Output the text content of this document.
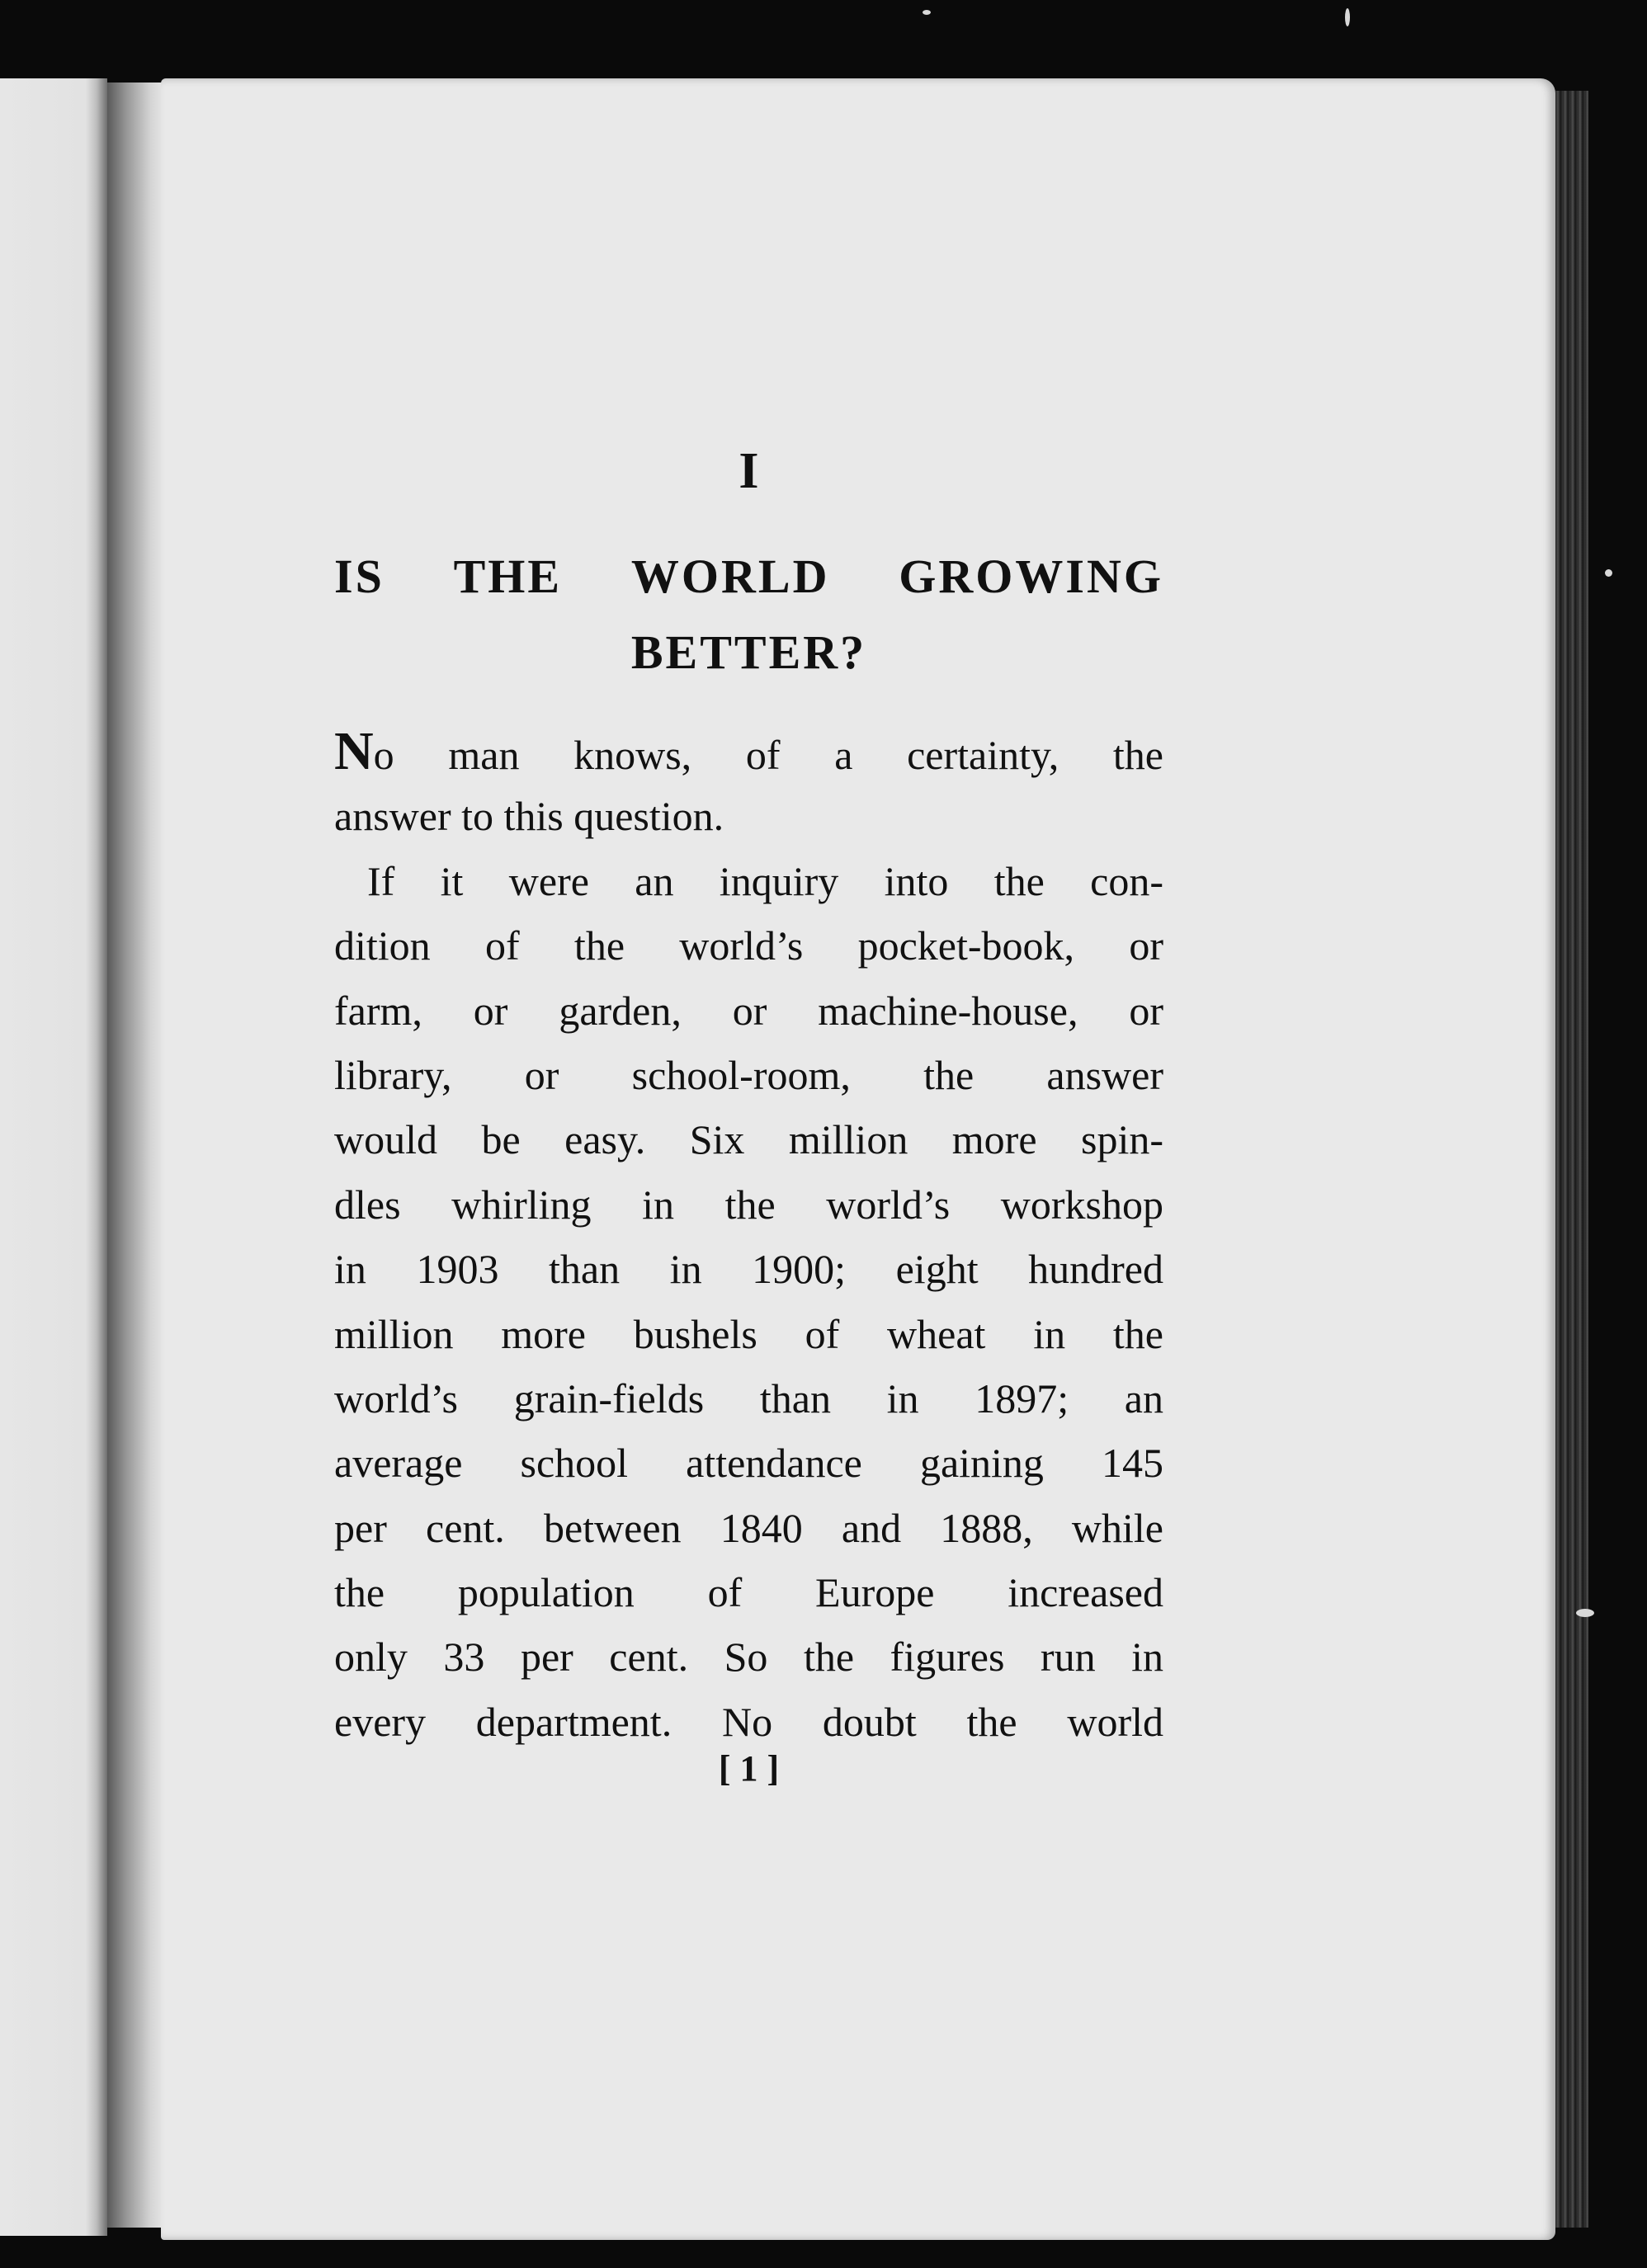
I
IS THE WORLD GROWING
BETTER?
No man knows, of a certainty, the
answer to this question.
If it were an inquiry into the con-
dition of the world’s pocket-book, or
farm, or garden, or machine-house, or
library, or school-room, the answer
would be easy. Six million more spin-
dles whirling in the world’s workshop
in 1903 than in 1900; eight hundred
million more bushels of wheat in the
world’s grain-fields than in 1897; an
average school attendance gaining 145
per cent. between 1840 and 1888, while
the population of Europe increased
only 33 per cent. So the figures run in
every department. No doubt the world
[ 1 ]
